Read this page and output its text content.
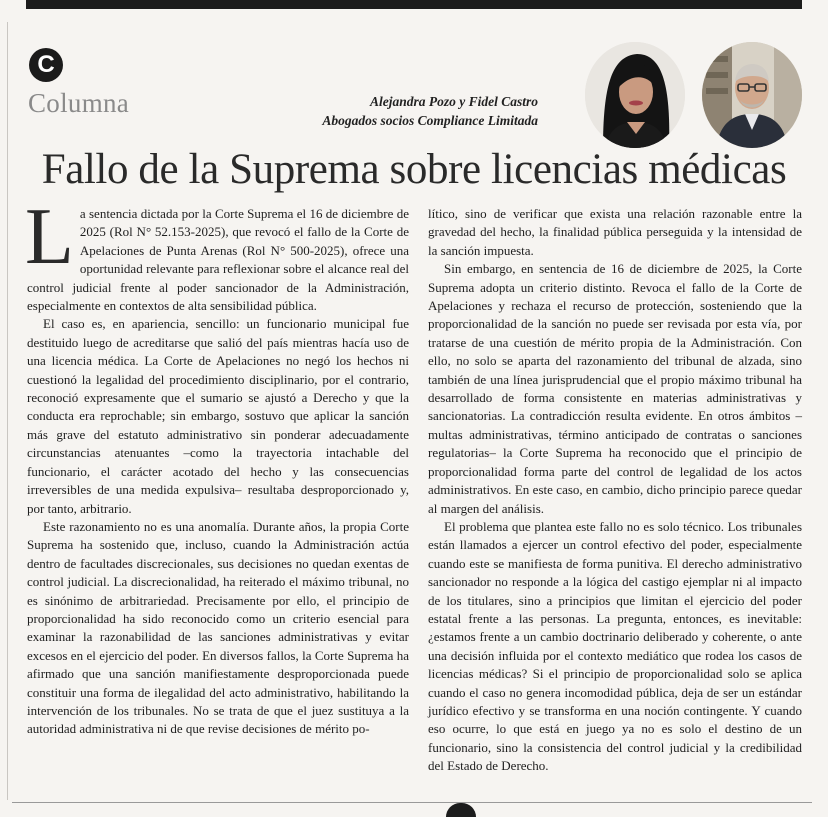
C
Columna	Alejandra Pozo y Fidel Castro
Abogados socios Compliance Limitada
Fallo de la Suprema sobre licencias médicas

La sentencia dictada por la Corte Suprema el 16 de diciembre de 2025 (Rol N° 52.153-2025), que revocó el fallo de la Corte de Apelaciones de Punta Arenas (Rol N° 500-2025), ofrece una oportunidad relevante para reflexionar sobre el alcance real del control judicial frente al poder sancionador de la Administración, especialmente en contextos de alta sensibilidad pública.

El caso es, en apariencia, sencillo: un funcionario municipal fue destituido luego de acreditarse que salió del país mientras hacía uso de una licencia médica. La Corte de Apelaciones no negó los hechos ni cuestionó la legalidad del procedimiento disciplinario, por el contrario, reconoció expresamente que el sumario se ajustó a Derecho y que la conducta era reprochable; sin embargo, sostuvo que aplicar la sanción más grave del estatuto administrativo sin ponderar adecuadamente circunstancias atenuantes –como la trayectoria intachable del funcionario, el carácter acotado del hecho y las consecuencias irreversibles de una medida expulsiva– resultaba desproporcionado y, por tanto, arbitrario.

Este razonamiento no es una anomalía. Durante años, la propia Corte Suprema ha sostenido que, incluso, cuando la Administración actúa dentro de facultades discrecionales, sus decisiones no quedan exentas de control judicial. La discrecionalidad, ha reiterado el máximo tribunal, no es sinónimo de arbitrariedad. Precisamente por ello, el principio de proporcionalidad ha sido reconocido como un criterio esencial para examinar la razonabilidad de las sanciones administrativas y evitar excesos en el ejercicio del poder. En diversos fallos, la Corte Suprema ha afirmado que una sanción manifiestamente desproporcionada puede constituir una forma de ilegalidad del acto administrativo, habilitando la intervención de los tribunales. No se trata de que el juez sustituya a la autoridad administrativa ni de que revise decisiones de mérito po-

lítico, sino de verificar que exista una relación razonable entre la gravedad del hecho, la finalidad pública perseguida y la intensidad de la sanción impuesta.

Sin embargo, en sentencia de 16 de diciembre de 2025, la Corte Suprema adopta un criterio distinto. Revoca el fallo de la Corte de Apelaciones y rechaza el recurso de protección, sosteniendo que la proporcionalidad de la sanción no puede ser revisada por esta vía, por tratarse de una cuestión de mérito propia de la Administración. Con ello, no solo se aparta del razonamiento del tribunal de alzada, sino también de una línea jurisprudencial que el propio máximo tribunal ha desarrollado de forma consistente en materias administrativas y sancionatorias. La contradicción resulta evidente. En otros ámbitos –multas administrativas, término anticipado de contratas o sanciones regulatorias– la Corte Suprema ha reconocido que el principio de proporcionalidad forma parte del control de legalidad de los actos administrativos. En este caso, en cambio, dicho principio parece quedar al margen del análisis.

El problema que plantea este fallo no es solo técnico. Los tribunales están llamados a ejercer un control efectivo del poder, especialmente cuando este se manifiesta de forma punitiva. El derecho administrativo sancionador no responde a la lógica del castigo ejemplar ni al impacto de los titulares, sino a principios que limitan el ejercicio del poder estatal frente a las personas. La pregunta, entonces, es inevitable: ¿estamos frente a un cambio doctrinario deliberado y coherente, o ante una decisión influida por el contexto mediático que rodea los casos de licencias médicas? Si el principio de proporcionalidad solo se aplica cuando el caso no genera incomodidad pública, deja de ser un estándar jurídico efectivo y se transforma en una noción contingente. Y cuando eso ocurre, lo que está en juego ya no es solo el destino de un funcionario, sino la consistencia del control judicial y la credibilidad del Estado de Derecho.
